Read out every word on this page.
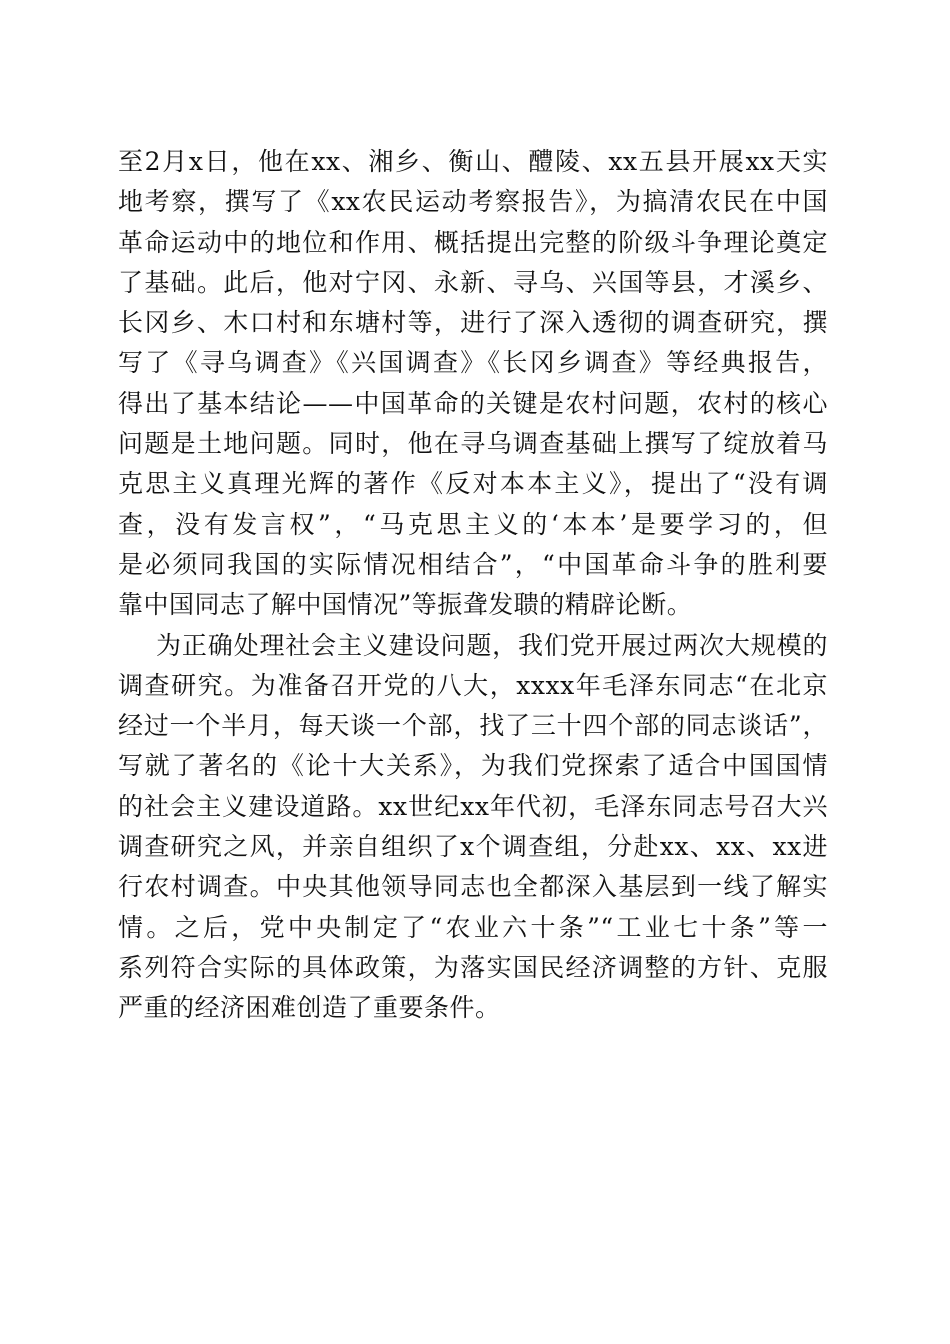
至2月x日，他在xx、湘乡、衡山、醴陵、xx五县开展xx天实
地考察，撰写了《xx农民运动考察报告》，为搞清农民在中国
革命运动中的地位和作用、概括提出完整的阶级斗争理论奠定
了基础。此后，他对宁冈、永新、寻乌、兴国等县，才溪乡、
长冈乡、木口村和东塘村等，进行了深入透彻的调查研究，撰
写了《寻乌调查》《兴国调查》《长冈乡调查》等经典报告，
得出了基本结论——中国革命的关键是农村问题，农村的核心
问题是土地问题。同时，他在寻乌调查基础上撰写了绽放着马
克思主义真理光辉的著作《反对本本主义》，提出了“没有调
查，没有发言权”，“马克思主义的‘本本’是要学习的，但
是必须同我国的实际情况相结合”，“中国革命斗争的胜利要
靠中国同志了解中国情况”等振聋发聩的精辟论断。
为正确处理社会主义建设问题，我们党开展过两次大规模的
调查研究。为准备召开党的八大，xxxx年毛泽东同志“在北京
经过一个半月，每天谈一个部，找了三十四个部的同志谈话”，
写就了著名的《论十大关系》，为我们党探索了适合中国国情
的社会主义建设道路。xx世纪xx年代初，毛泽东同志号召大兴
调查研究之风，并亲自组织了x个调查组，分赴xx、xx、xx进
行农村调查。中央其他领导同志也全都深入基层到一线了解实
情。之后，党中央制定了“农业六十条”“工业七十条”等一
系列符合实际的具体政策，为落实国民经济调整的方针、克服
严重的经济困难创造了重要条件。
